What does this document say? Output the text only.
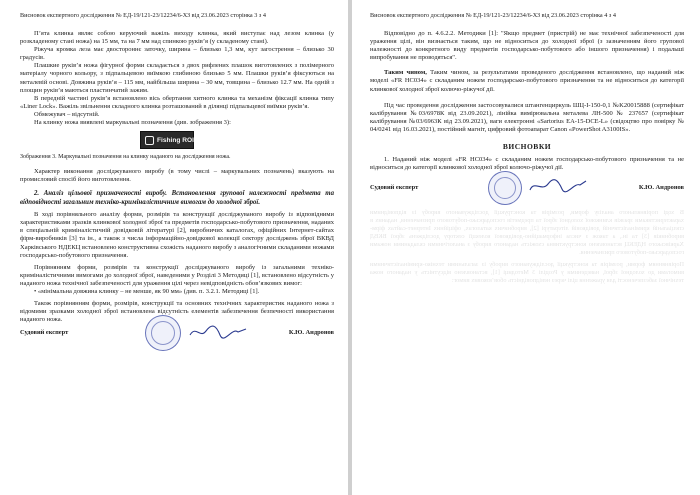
Висновок експертного дослідження № ЕД-19/121-23/12234/6-ХЗ від 23.06.2023 сторінка 3 з 4

П’ята клинка являє собою керуючий важіль виходу клинка, який виступає над лезом клинка (у розкладеному стані ножа) на 15 мм, та на 7 мм над спинкою руків’я (у складеному стані).

Ріжуча кромка леза має двостороннє заточку, ширина – близько 1,3 мм, кут загострення – близько 30 градусів.

Плашкие руків’я ножа фігурної форми складається з двох рифлених плашок виготовлених з полімерного матеріалу чорного кольору, з підпальцевою виїмкою глибиною близько 5 мм. Плашки руків’я фіксуються на металевій основі. Довжина руків’я – 115 мм, найбільша ширина – 30 мм, товщина – близько 12.7 мм. На одній з площин руків’я маються пластинчатий зажим.

В передній частині руків’я встановлено вісь обертання хитного клинка та механізм фіксації клинка типу «Liner Lock». Важіль звільнення складного клинка розташований в ділянці підпальцевої виїмки руків’я.

Обмежувач – відсутній.

На клинку ножа виявлені маркувальні позначення (див. зображення 3):

Fishing ROI
Зображення 3. Маркувальні позначення на клинку наданого на дослідження ножа.

Характер виконання досліджуваного виробу (в тому числі – маркувальних позначень) вказують на промисловий спосіб його виготовлення.

2. Аналіз цільової призначеності виробу. Встановлення групової належності предмета та відповідності загальним техніко-криміналістичним вимогам до холодної зброї.

В ході порівняльного аналізу форми, розмірів та конструкції досліджуваного виробу із відповідними характеристиками зразків клинкової холодної зброї та предметів господарсько-побутового призначення, наданих в спеціальній криміналістичній довідковій літературі [2], виробничих каталогах, офіційних Інтернет-сайтах фірм-виробників [3] та ін., а також з числа інформаційно-довідкової колекції сектору досліджень зброї ВКВД Харківського НДЕКЦ встановлено конструктивна схожість наданого виробу з аналогічними складаними ножами господарсько-побутового призначення.

Порівнянням форми, розмірів та конструкції досліджуваного виробу із загальними техніко-криміналістичними вимогами до холодної зброї, наведеними у Розділі 3 Методиці [1], встановлено відсутність у наданого ножа технічної забезпеченості для ураження цілі через невідповідність обов’язкових вимог:

• «мінімальна довжина клинку – не менше, як 90 мм» (див. п. 3.2.1. Методиці [1].

Також порівнянням форми, розмірів, конструкції та основних технічних характеристик наданого ножа з відомими зразками холодної зброї встановлена відсутність елементів забезпечення безпечності використання наданого ножа.

Судовий експерт	К.Ю. Андронов
Висновок експертного дослідження № ЕД-19/121-23/12234/6-ХЗ від 23.06.2023 сторінка 4 з 4

Відповідно до п. 4.6.2.2. Методики [1]: "Якщо предмет (пристрій) не має технічної забезпеченості для ураження цілі, він визнається таким, що не відноситься до холодної зброї (з зазначенням його групової належності до конкретного виду предметів господарсько-побутового або іншого призначення) і подальші випробування не проводяться".

Таким чином, Таким чином, за результатами проведеного дослідження встановлено, що наданий ніж моделі «FR HC034» с складаним ножем господарсько-побутового призначення та не відноситься до категорії клинкової холодної зброї колючо-ріжучої дії.

Під час проведення дослідження застосовувалися штангенциркуль ШЦ-І-150-0,1 №K20015888 (сертифікат калібрування №03/6978К від 23.09.2021), лінійка вимірювальна металева ЛН-500 № 237657 (сертифікат калібрування №03/6963К від 23.09.2021), ваги електронні «Sartorius EA-15-DCE-L» (свідоцтво про повірку № 04/0241 від 16.03.2021), постійний магніт, цифровий фотоапарат Canon «PowerShot A3100IS».

ВИСНОВКИ

1. Наданий ніж моделі «FR HC034» с складаним ножем господарсько-побутового призначення та не відноситься до категорії клинкової холодної зброї колючо-ріжучої дії.

Судовий експерт	К.Ю. Андронов

В ході порівняльного аналізу форми, розмірів та конструкції досліджуваного виробу із відповідними характеристиками зразків клинкової холодної зброї та предметів господарсько-побутового призначення, наданих в спеціальній криміналістичній довідковій літературі [2], виробничих каталогах, офіційних Інтернет-сайтах фірм-виробників [3] та ін., а також з числа інформаційно-довідкової колекції сектору досліджень зброї ВКВД Харківського НДЕКЦ встановлено конструктивна схожість наданого виробу з аналогічними складаними ножами господарсько-побутового призначення.

Порівнянням форми, розмірів та конструкції досліджуваного виробу із загальними техніко-криміналістичними вимогами до холодної зброї, наведеними у Розділі 3 Методиці [1], встановлено відсутність у наданого ножа технічної забезпеченості для ураження цілі через невідповідність обов’язкових вимог:
